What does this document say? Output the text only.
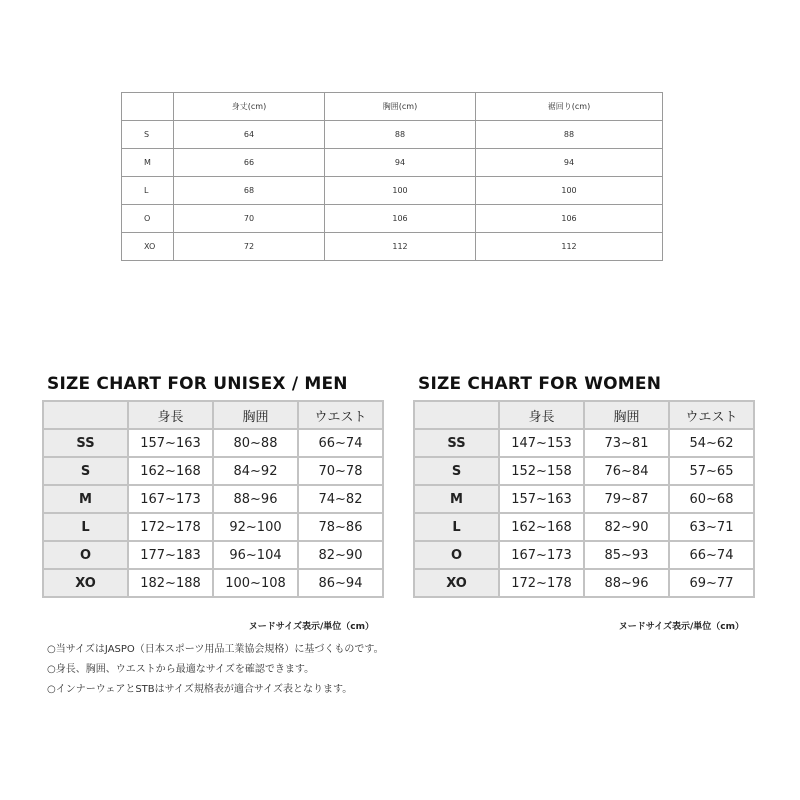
	身丈(cm)	胸囲(cm)	裾回り(cm)
S	64	88	88
M	66	94	94
L	68	100	100
O	70	106	106
XO	72	112	112
SIZE CHART FOR UNISEX / MEN
	身長	胸囲	ウエスト
SS	157~163	80~88	66~74
S	162~168	84~92	70~78
M	167~173	88~96	74~82
L	172~178	92~100	78~86
O	177~183	96~104	82~90
XO	182~188	100~108	86~94

ヌードサイズ表示/単位（cm）

SIZE CHART FOR WOMEN
	身長	胸囲	ウエスト
SS	147~153	73~81	54~62
S	152~158	76~84	57~65
M	157~163	79~87	60~68
L	162~168	82~90	63~71
O	167~173	85~93	66~74
XO	172~178	88~96	69~77

ヌードサイズ表示/単位（cm）

○当サイズはJASPO（日本スポーツ用品工業協会規格）に基づくものです。
○身長、胸囲、ウエストから最適なサイズを確認できます。
○インナーウェアとSTBはサイズ規格表が適合サイズ表となります。
